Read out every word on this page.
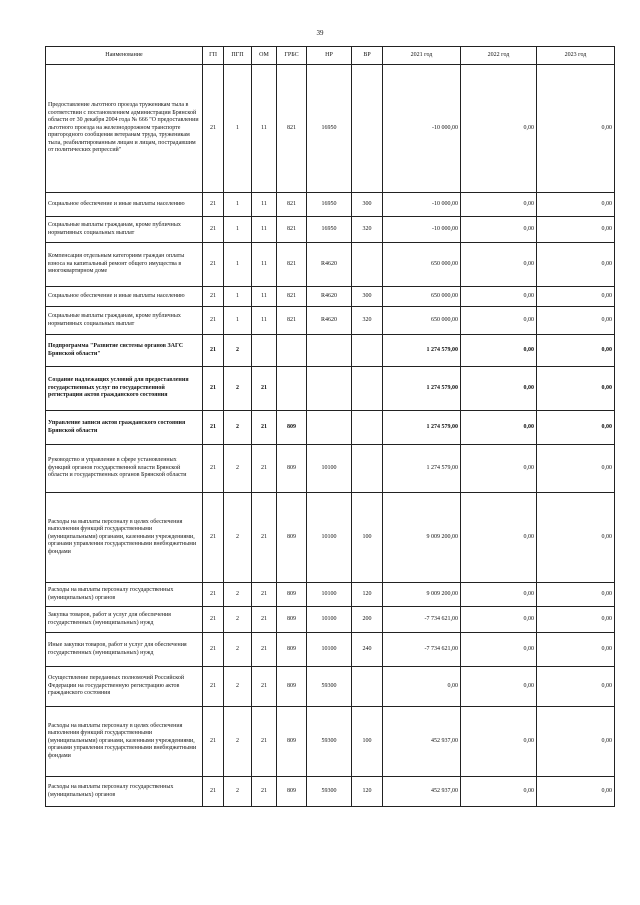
39
Наименование	ГП	ПГП	ОМ	ГРБС	НР	ВР	2021 год	2022 год	2023 год
Предоставление льготного проезда труженикам тыла в соответствии с постановлением администрации Брянской области от 30 декабря 2004 года № 666 "О предоставлении льготного проезда на железнодорожном транспорте пригородного сообщения ветеранам труда, труженикам тыла, реабилитированным лицам и лицам, пострадавшим от политических репрессий"	21	1	11	821	16950		-10 000,00	0,00	0,00
Социальное обеспечение и иные выплаты населению	21	1	11	821	16950	300	-10 000,00	0,00	0,00
Социальные выплаты гражданам, кроме публичных нормативных социальных выплат	21	1	11	821	16950	320	-10 000,00	0,00	0,00
Компенсация отдельным категориям граждан оплаты взноса на капитальный ремонт общего имущества в многоквартирном доме	21	1	11	821	R4620		650 000,00	0,00	0,00
Социальное обеспечение и иные выплаты населению	21	1	11	821	R4620	300	650 000,00	0,00	0,00
Социальные выплаты гражданам, кроме публичных нормативных социальных выплат	21	1	11	821	R4620	320	650 000,00	0,00	0,00
Подпрограмма "Развитие системы органов ЗАГС Брянской области"	21	2					1 274 579,00	0,00	0,00
Создание надлежащих условий для предоставления государственных услуг по государственной регистрации актов гражданского состояния	21	2	21				1 274 579,00	0,00	0,00
Управление записи актов гражданского состояния Брянской области	21	2	21	809			1 274 579,00	0,00	0,00
Руководство и управление в сфере установленных функций органов государственной власти Брянской области и государственных органов Брянской области	21	2	21	809	10100		1 274 579,00	0,00	0,00
Расходы на выплаты персоналу в целях обеспечения выполнения функций государственными (муниципальными) органами, казенными учреждениями, органами управления государственными внебюджетными фондами	21	2	21	809	10100	100	9 009 200,00	0,00	0,00
Расходы на выплаты персоналу государственных (муниципальных) органов	21	2	21	809	10100	120	9 009 200,00	0,00	0,00
Закупка товаров, работ и услуг для обеспечения государственных (муниципальных) нужд	21	2	21	809	10100	200	-7 734 621,00	0,00	0,00
Иные закупки товаров, работ и услуг для обеспечения государственных (муниципальных) нужд	21	2	21	809	10100	240	-7 734 621,00	0,00	0,00
Осуществление переданных полномочий Российской Федерации на государственную регистрацию актов гражданского состояния	21	2	21	809	59300		0,00	0,00	0,00
Расходы на выплаты персоналу в целях обеспечения выполнения функций государственными (муниципальными) органами, казенными учреждениями, органами управления государственными внебюджетными фондами	21	2	21	809	59300	100	452 937,00	0,00	0,00
Расходы на выплаты персоналу государственных (муниципальных) органов	21	2	21	809	59300	120	452 937,00	0,00	0,00
